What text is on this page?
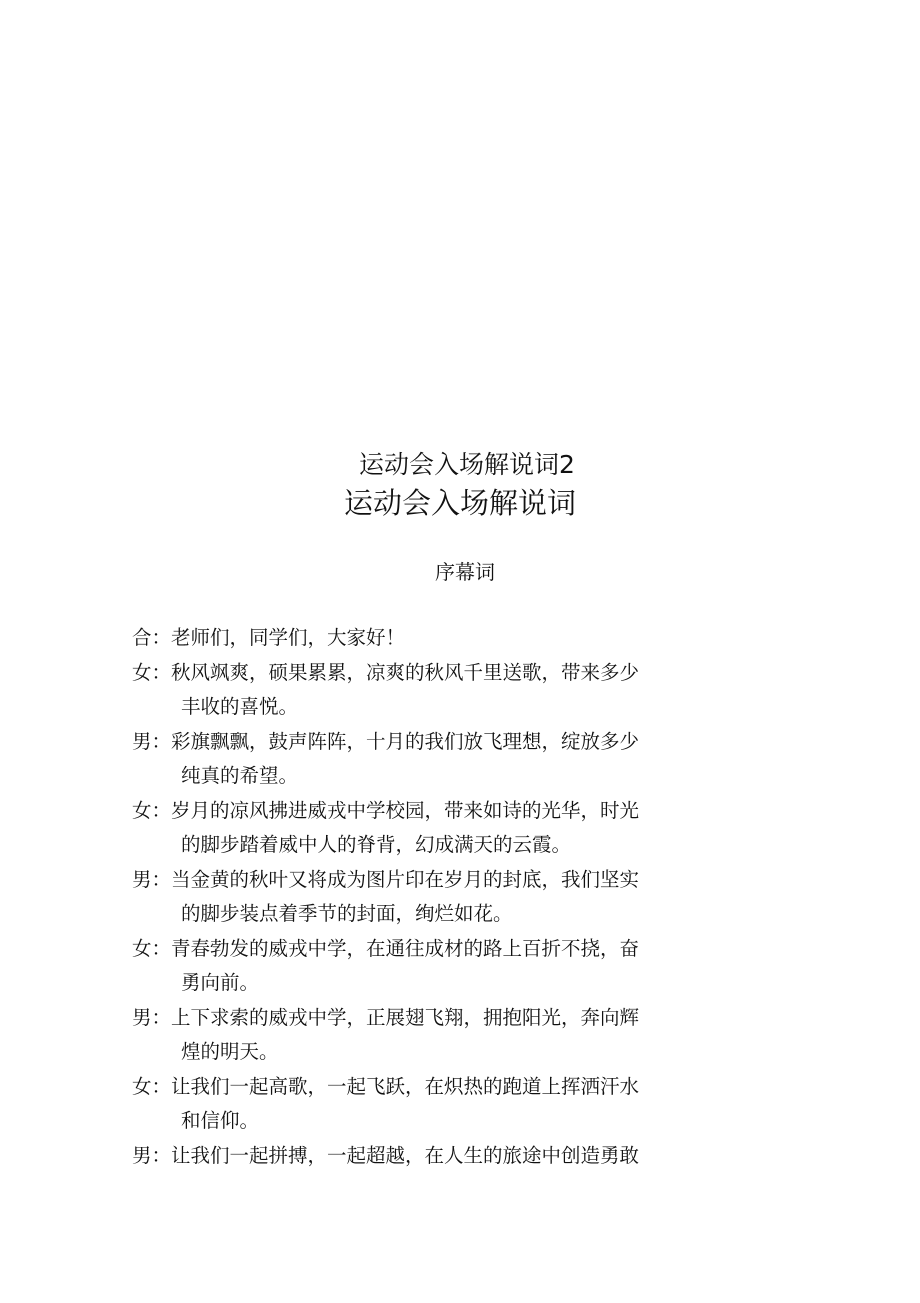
运动会入场解说词2
运动会入场解说词
序幕词
合： 老师们，同学们，大家好！
女： 秋风飒爽，硕果累累，凉爽的秋风千里送歌，带来多少
丰收的喜悦。
男： 彩旗飘飘，鼓声阵阵，十月的我们放飞理想，绽放多少
纯真的希望。
女： 岁月的凉风拂进威戎中学校园，带来如诗的光华，时光
的脚步踏着威中人的脊背，幻成满天的云霞。
男： 当金黄的秋叶又将成为图片印在岁月的封底，我们坚实
的脚步装点着季节的封面，绚烂如花。
女： 青春勃发的威戎中学，在通往成材的路上百折不挠，奋
勇向前。
男： 上下求索的威戎中学，正展翅飞翔，拥抱阳光，奔向辉
煌的明天。
女： 让我们一起高歌，一起飞跃，在炽热的跑道上挥洒汗水
和信仰。
男： 让我们一起拼搏，一起超越，在人生的旅途中创造勇敢
